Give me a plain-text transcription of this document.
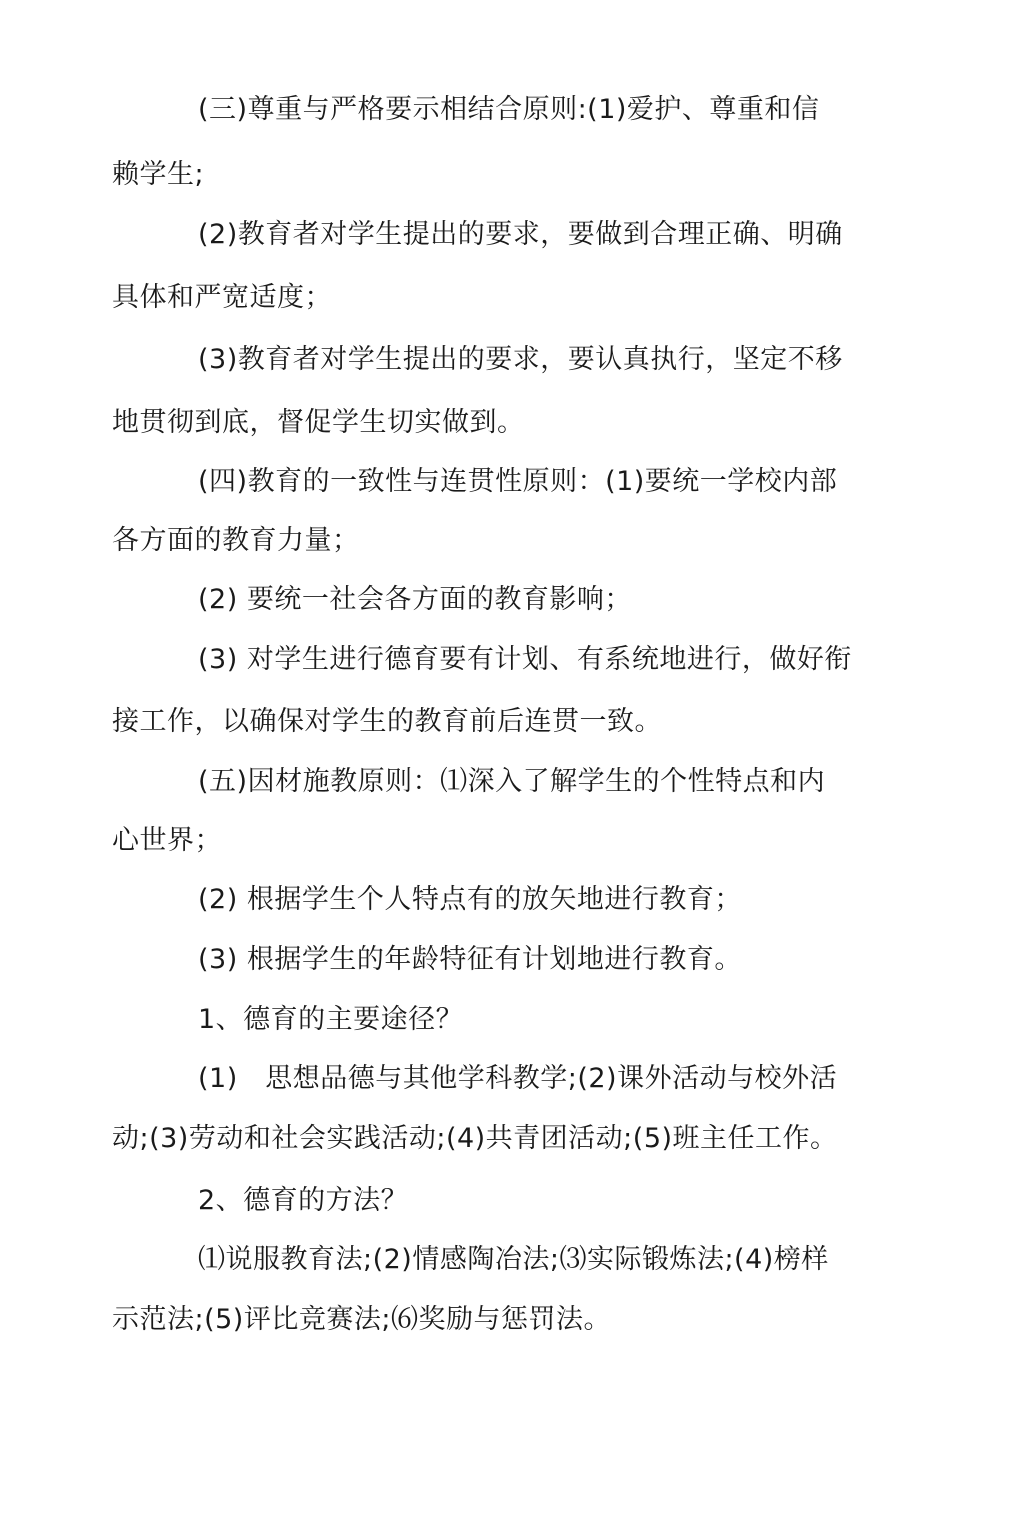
(三)尊重与严格要示相结合原则:(1)爱护、尊重和信
赖学生;
(2)教育者对学生提出的要求，要做到合理正确、明确
具体和严宽适度；
(3)教育者对学生提出的要求，要认真执行，坚定不移
地贯彻到底，督促学生切实做到。
(四)教育的一致性与连贯性原则：(1)要统一学校内部
各方面的教育力量；
(2) 要统一社会各方面的教育影响；
(3) 对学生进行德育要有计划、有系统地进行，做好衔
接工作，以确保对学生的教育前后连贯一致。
(五)因材施教原则：⑴深入了解学生的个性特点和内
心世界；
(2) 根据学生个人特点有的放矢地进行教育；
(3) 根据学生的年龄特征有计划地进行教育。
1、德育的主要途径？
(1)　思想品德与其他学科教学;(2)课外活动与校外活
动;(3)劳动和社会实践活动;(4)共青团活动;(5)班主任工作。
2、德育的方法？
⑴说服教育法;(2)情感陶冶法;⑶实际锻炼法;(4)榜样
示范法;(5)评比竞赛法;⑹奖励与惩罚法。
